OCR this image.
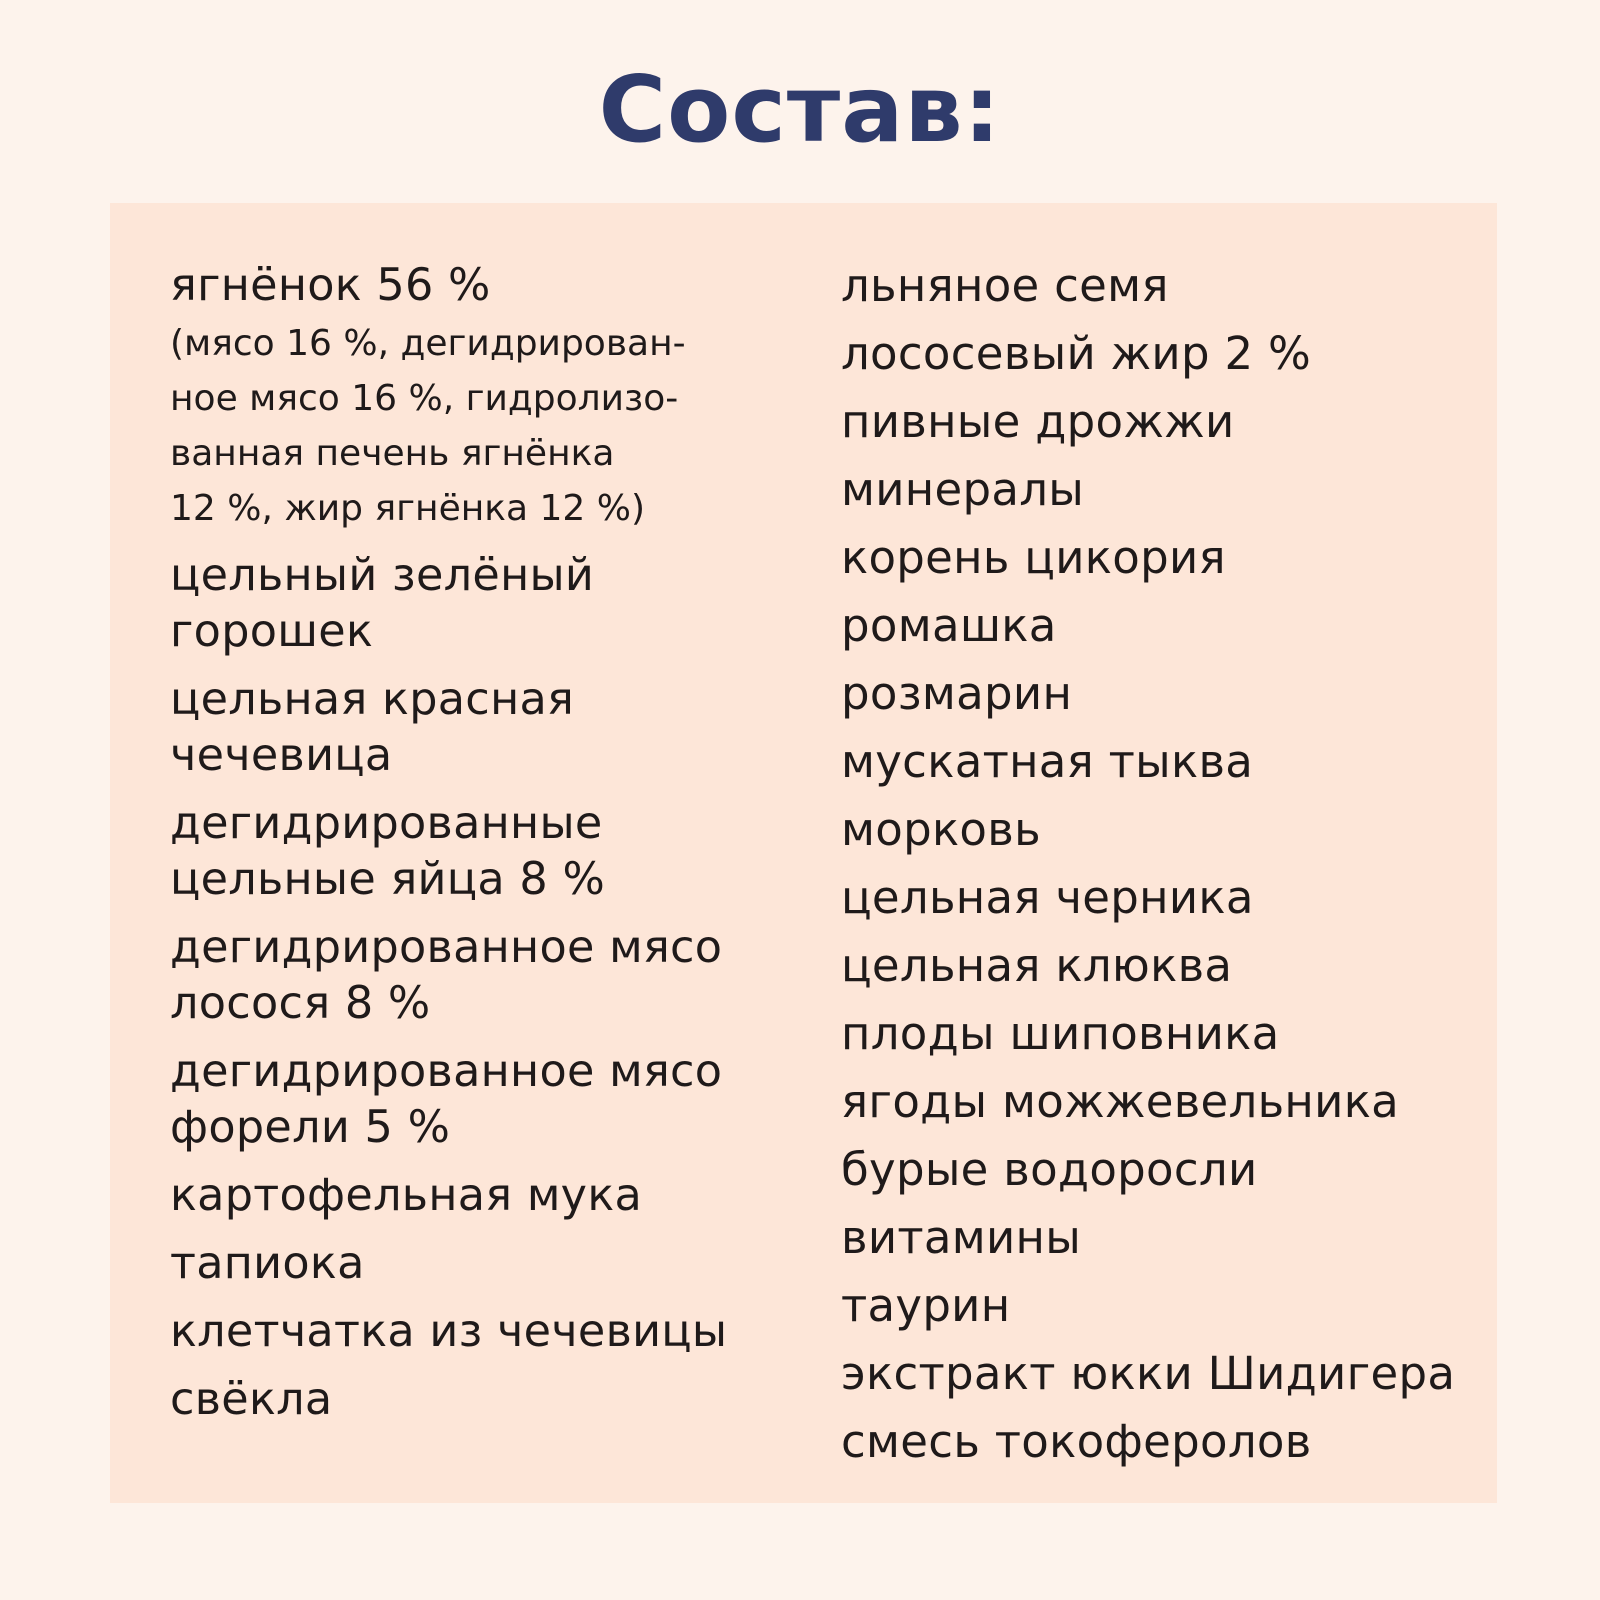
Состав:
ягнёнок 56 %
(мясо 16 %, дегидрирован-
ное мясо 16 %, гидролизо-
ванная печень ягнёнка
12 %, жир ягнёнка 12 %)
цельный зелёный
горошек
цельная красная
чечевица
дегидрированные
цельные яйца 8 %
дегидрированное мясо
лосося 8 %
дегидрированное мясо
форели 5 %
картофельная мука
тапиока
клетчатка из чечевицы
свёкла
льняное семя
лососевый жир 2 %
пивные дрожжи
минералы
корень цикория
ромашка
розмарин
мускатная тыква
морковь
цельная черника
цельная клюква
плоды шиповника
ягоды можжевельника
бурые водоросли
витамины
таурин
экстракт юкки Шидигера
смесь токоферолов
